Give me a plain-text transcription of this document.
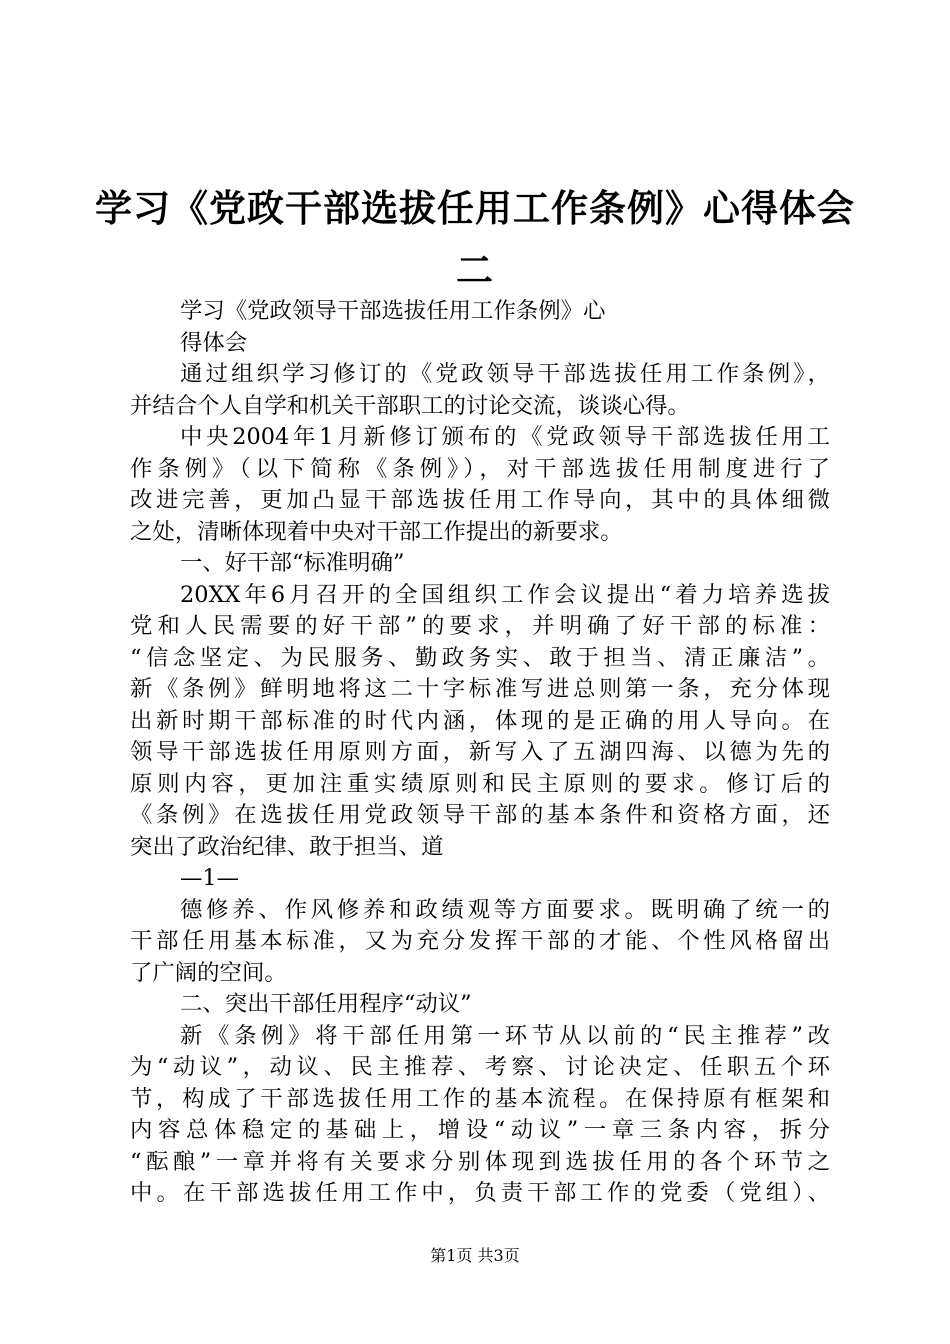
学习《党政干部选拔任用工作条例》心得体会
二
学习《党政领导干部选拔任用工作条例》心
得体会
通过组织学习修订的《党政领导干部选拔任用工作条例》，
并结合个人自学和机关干部职工的讨论交流，谈谈心得。
中央2004年1月新修订颁布的《党政领导干部选拔任用工
作条例》（以下简称《条例》），对干部选拔任用制度进行了
改进完善，更加凸显干部选拔任用工作导向，其中的具体细微
之处，清晰体现着中央对干部工作提出的新要求。
一、好干部“标准明确”
20XX年6月召开的全国组织工作会议提出“着力培养选拔
党和人民需要的好干部”的要求，并明确了好干部的标准：
“信念坚定、为民服务、勤政务实、敢于担当、清正廉洁”。
新《条例》鲜明地将这二十字标准写进总则第一条，充分体现
出新时期干部标准的时代内涵，体现的是正确的用人导向。在
领导干部选拔任用原则方面，新写入了五湖四海、以德为先的
原则内容，更加注重实绩原则和民主原则的要求。修订后的
《条例》在选拔任用党政领导干部的基本条件和资格方面，还
突出了政治纪律、敢于担当、道
—1—
德修养、作风修养和政绩观等方面要求。既明确了统一的
干部任用基本标准，又为充分发挥干部的才能、个性风格留出
了广阔的空间。
二、突出干部任用程序“动议”
新《条例》将干部任用第一环节从以前的“民主推荐”改
为“动议”，动议、民主推荐、考察、讨论决定、任职五个环
节，构成了干部选拔任用工作的基本流程。在保持原有框架和
内容总体稳定的基础上，增设“动议”一章三条内容，拆分
“酝酿”一章并将有关要求分别体现到选拔任用的各个环节之
中。在干部选拔任用工作中，负责干部工作的党委（党组）、
第1页 共3页
